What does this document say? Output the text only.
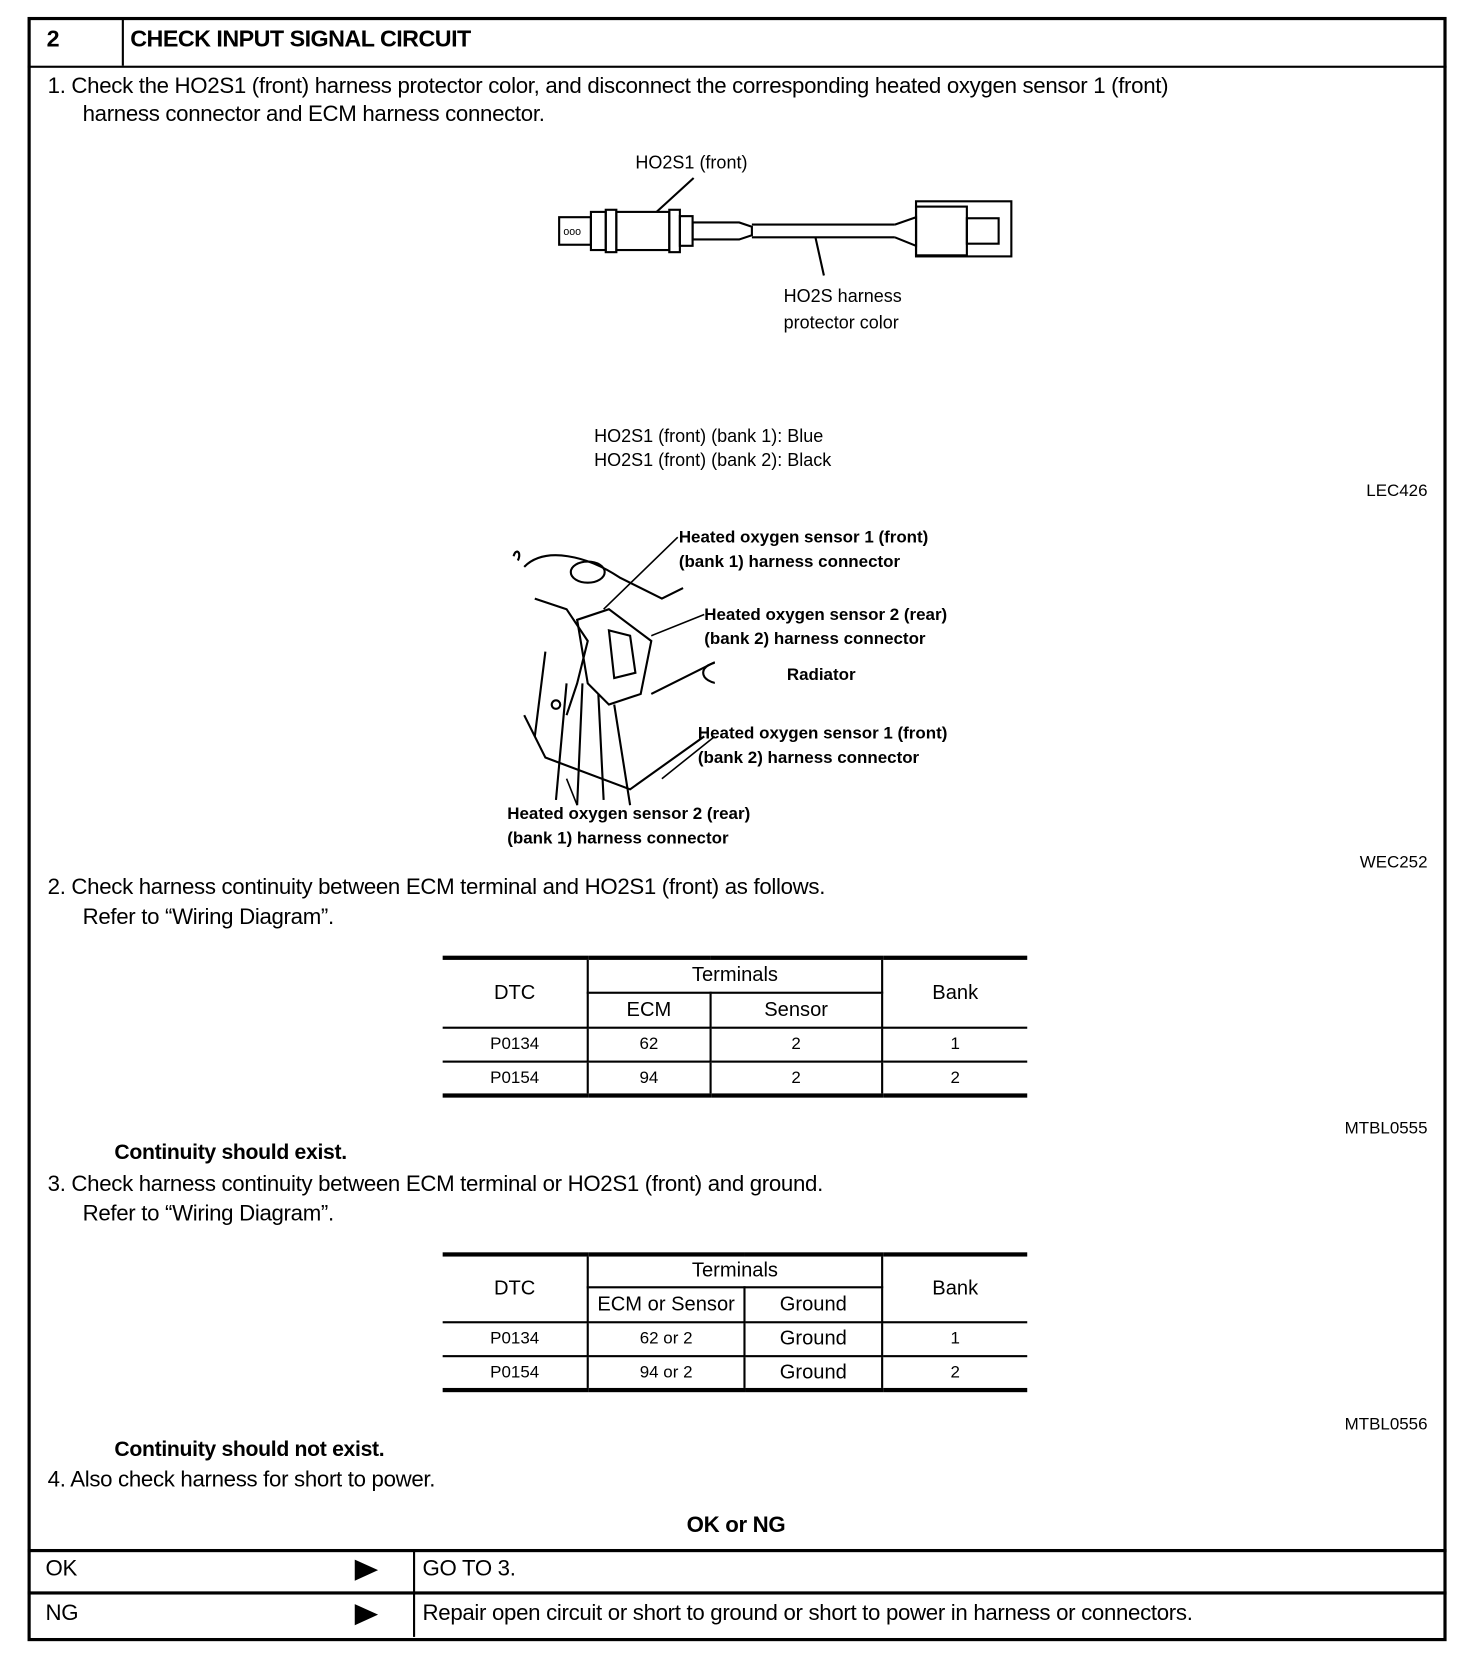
2	CHECK INPUT SIGNAL CIRCUIT
1. Check the HO2S1 (front) harness protector color, and disconnect the corresponding heated oxygen sensor 1 (front)
harness connector and ECM harness connector.
HO2S1 (front)
ooo
HO2S harness
protector color
HO2S1 (front) (bank 1): Blue
HO2S1 (front) (bank 2): Black
LEC426
Heated oxygen sensor 1 (front)
(bank 1) harness connector
Heated oxygen sensor 2 (rear)
(bank 2) harness connector
Radiator
Heated oxygen sensor 1 (front)
(bank 2) harness connector
Heated oxygen sensor 2 (rear)
(bank 1) harness connector
WEC252
2. Check harness continuity between ECM terminal and HO2S1 (front) as follows.
Refer to “Wiring Diagram”.
DTC	Terminals		Bank
	ECM	Sensor	
P0134	62	2	1
P0154	94	2	2
MTBL0555
Continuity should exist.
3. Check harness continuity between ECM terminal or HO2S1 (front) and ground.
Refer to “Wiring Diagram”.
DTC	Terminals		Bank
	ECM or Sensor	Ground	
P0134	62 or 2	Ground	1
P0154	94 or 2	Ground	2
MTBL0556
Continuity should not exist.
4. Also check harness for short to power.
OK or NG
OK	GO TO 3.
NG	Repair open circuit or short to ground or short to power in harness or connectors.
